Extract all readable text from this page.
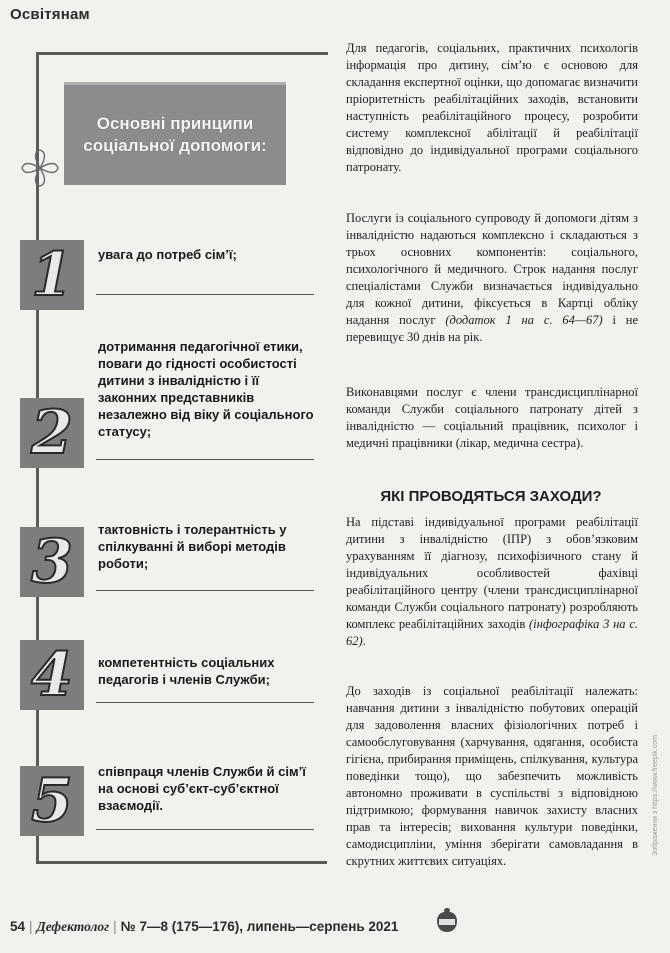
Освітянам
Основні принципи соціальної допомоги:
1 увага до потреб сім’ї;
дотримання педагогічної етики, поваги до гідності особистості дитини з інвалідністю і її законних представників незалежно від віку й соціального статусу;
2
3 тактовність і толерантність у спілкуванні й виборі методів роботи;
4 компетентність соціальних педагогів і членів Служби;
5 співпраця членів Служби й сім’ї на основі суб’єкт-суб’єктної взаємодії.

Для педагогів, соціальних, практичних психологів інформація про дитину, сім’ю є основою для складання експертної оцінки, що допомагає визначити пріоритетність реабілітаційних заходів, встановити наступність реабілітаційного процесу, розробити систему комплексної абілітації й реабілітації відповідно до індивідуальної програми соціального патронату.

Послуги із соціального супроводу й допомоги дітям з інвалідністю надаються комплексно і складаються з трьох основних компонентів: соціального, психологічного й медичного. Строк надання послуг спеціалістами Служби визначається індивідуально для кожної дитини, фіксується в Картці обліку надання послуг (додаток 1 на с. 64—67) і не перевищує 30 днів на рік.

Виконавцями послуг є члени трансдисциплінарної команди Служби соціального патронату дітей з інвалідністю — соціальний працівник, психолог і медичні працівники (лікар, медична сестра).

ЯКІ ПРОВОДЯТЬСЯ ЗАХОДИ?

На підставі індивідуальної програми реабілітації дитини з інвалідністю (ІПР) з обов’язковим урахуванням її діагнозу, психофізичного стану й індивідуальних особливостей фахівці реабілітаційного центру (члени трансдисциплінарної команди Служби соціального патронату) розробляють комплекс реабілітаційних заходів (інфографіка 3 на с. 62).

До заходів із соціальної реабілітації належать: навчання дитини з інвалідністю побутових операцій для задоволення власних фізіологічних потреб і самообслуговування (харчування, одягання, особиста гігієна, прибирання приміщень, спілкування, культура поведінки тощо), що забезпечить можливість автономно проживати в суспільстві з відповідною підтримкою; формування навичок захисту власних прав та інтересів; виховання культури поведінки, самодисципліни, уміння зберігати самовладання в скрутних життєвих ситуаціях.

Зображення з https://www.freepik.com
54 | Дефектолог | № 7—8 (175—176), липень—серпень 2021
